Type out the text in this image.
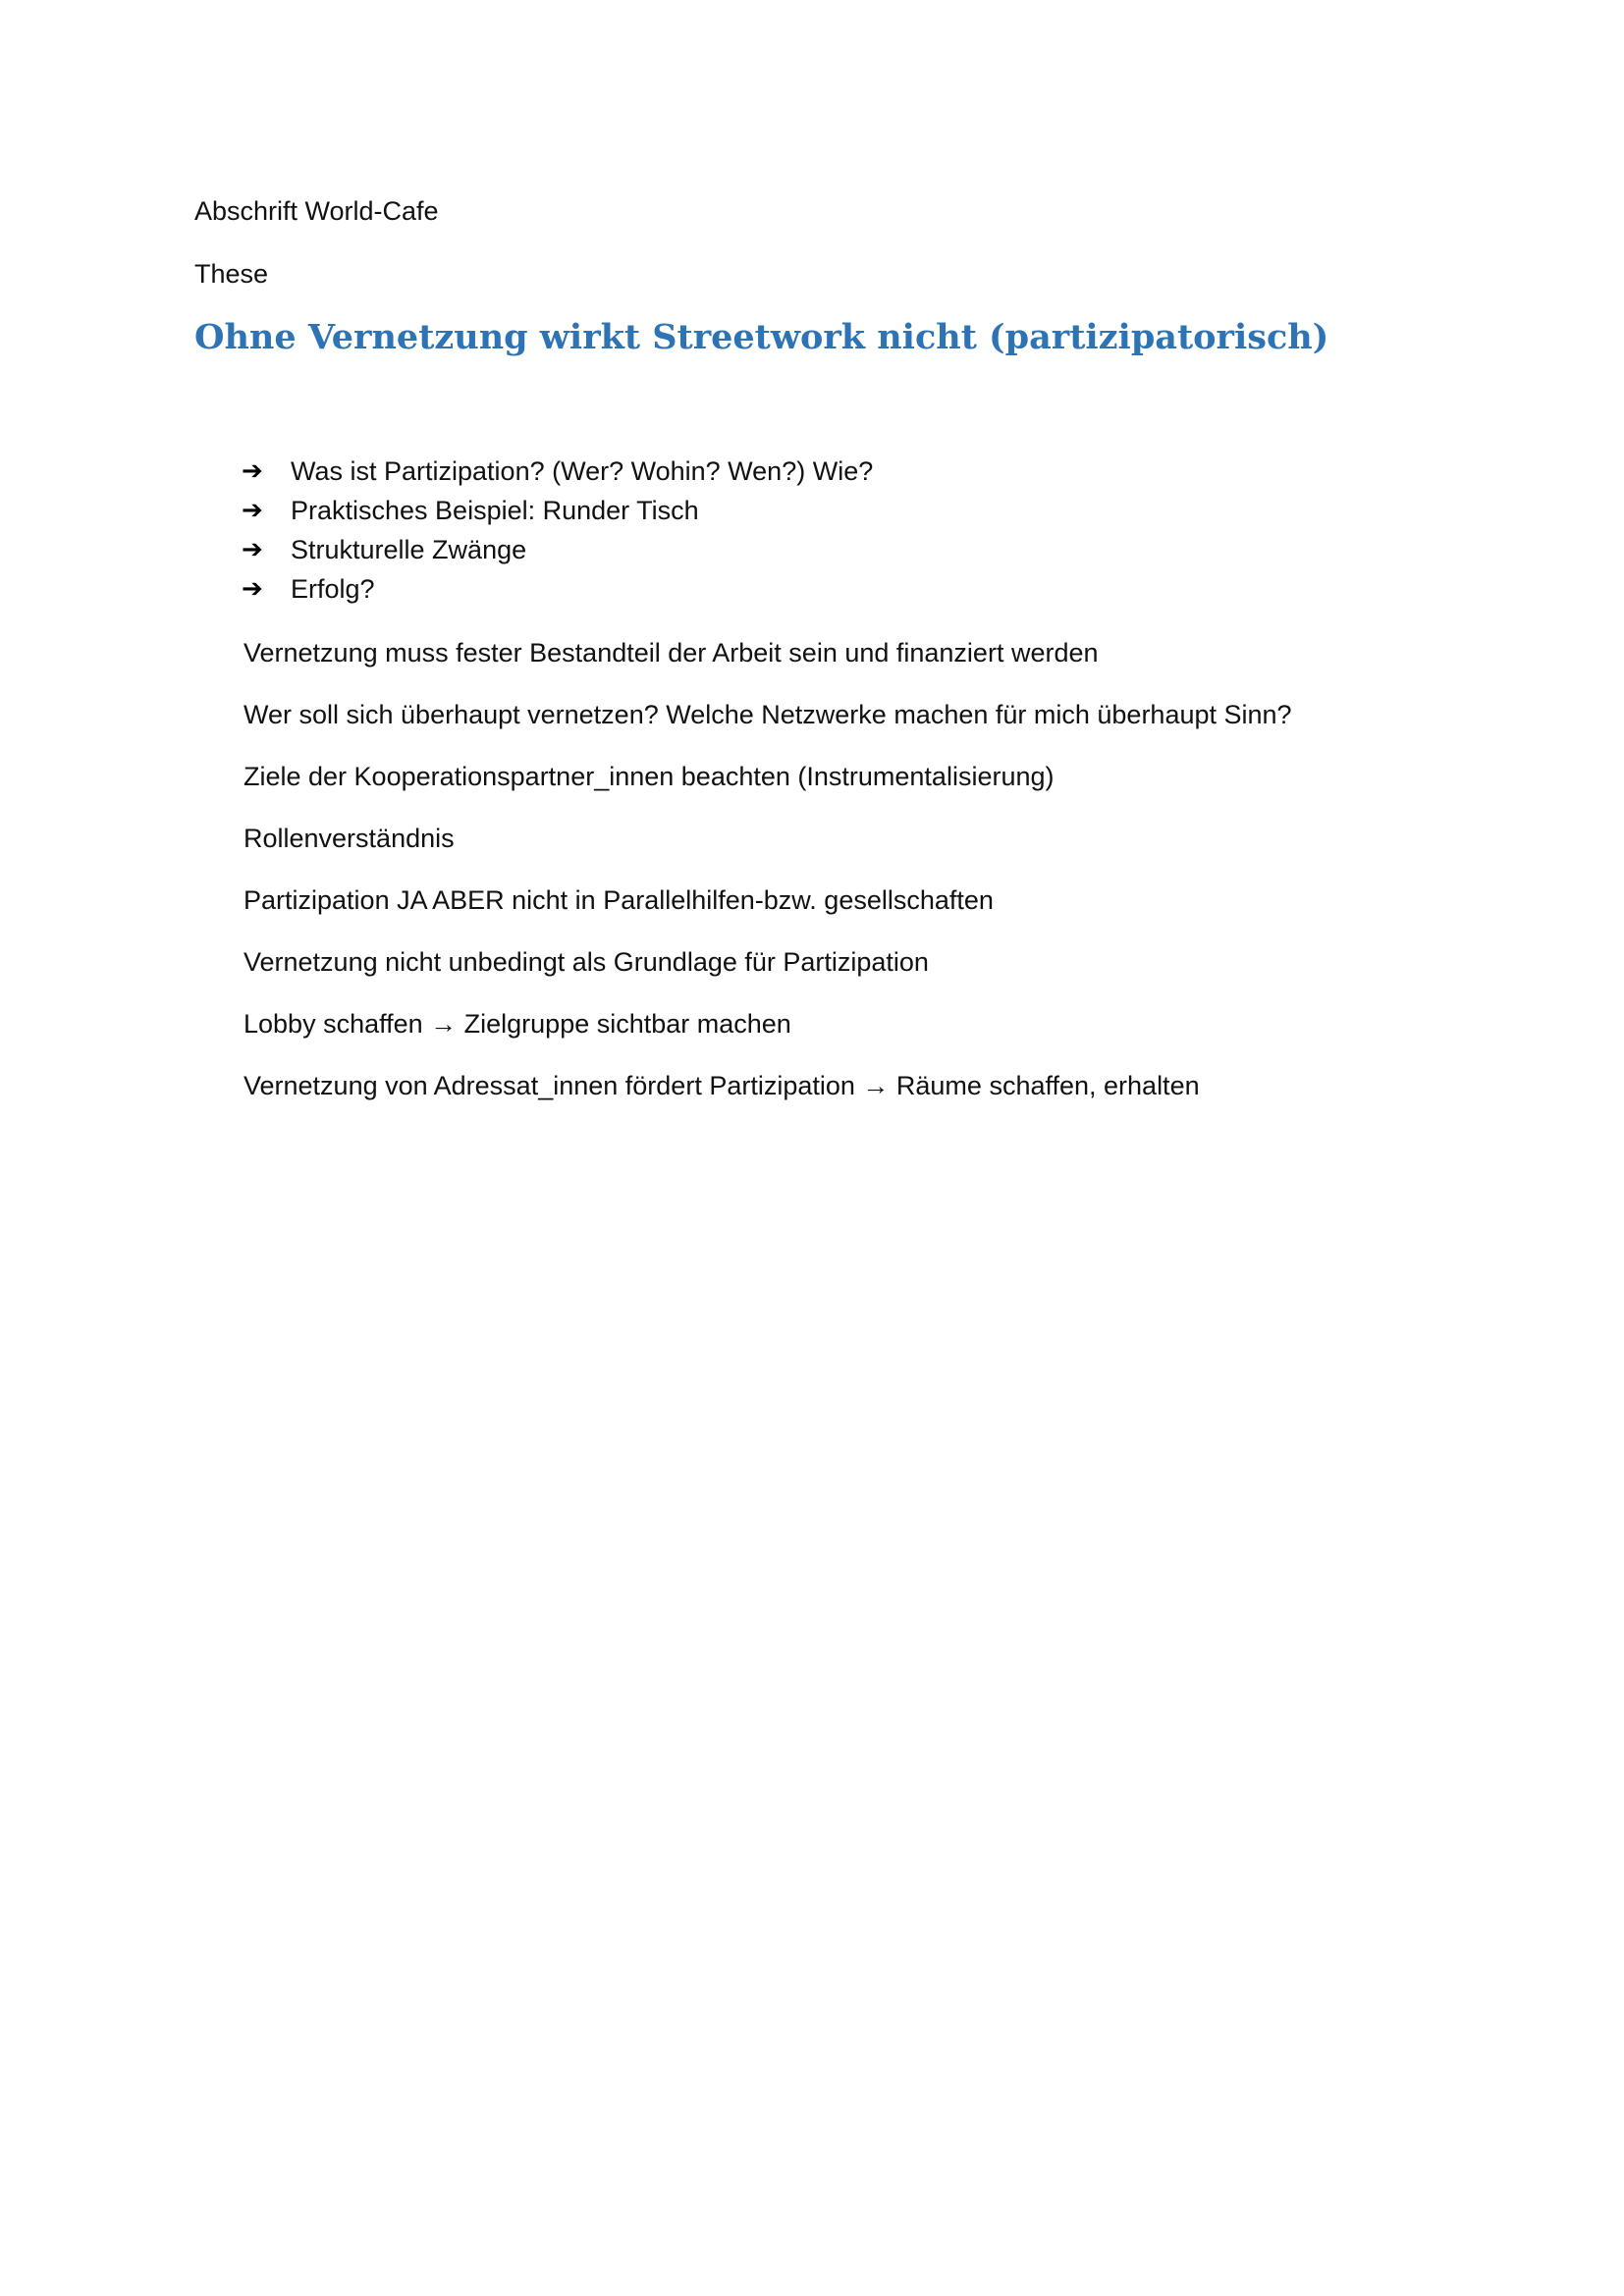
Abschrift World-Cafe
These
Ohne Vernetzung wirkt Streetwork nicht (partizipatorisch)
➔	Was ist Partizipation? (Wer? Wohin? Wen?) Wie?
➔	Praktisches Beispiel: Runder Tisch
➔	Strukturelle Zwänge
➔	Erfolg?
Vernetzung muss fester Bestandteil der Arbeit sein und finanziert werden
Wer soll sich überhaupt vernetzen? Welche Netzwerke machen für mich überhaupt Sinn?
Ziele der Kooperationspartner_innen beachten (Instrumentalisierung)
Rollenverständnis
Partizipation JA ABER nicht in Parallelhilfen-bzw. gesellschaften
Vernetzung nicht unbedingt als Grundlage für Partizipation
Lobby schaffen → Zielgruppe sichtbar machen
Vernetzung von Adressat_innen fördert Partizipation → Räume schaffen, erhalten
